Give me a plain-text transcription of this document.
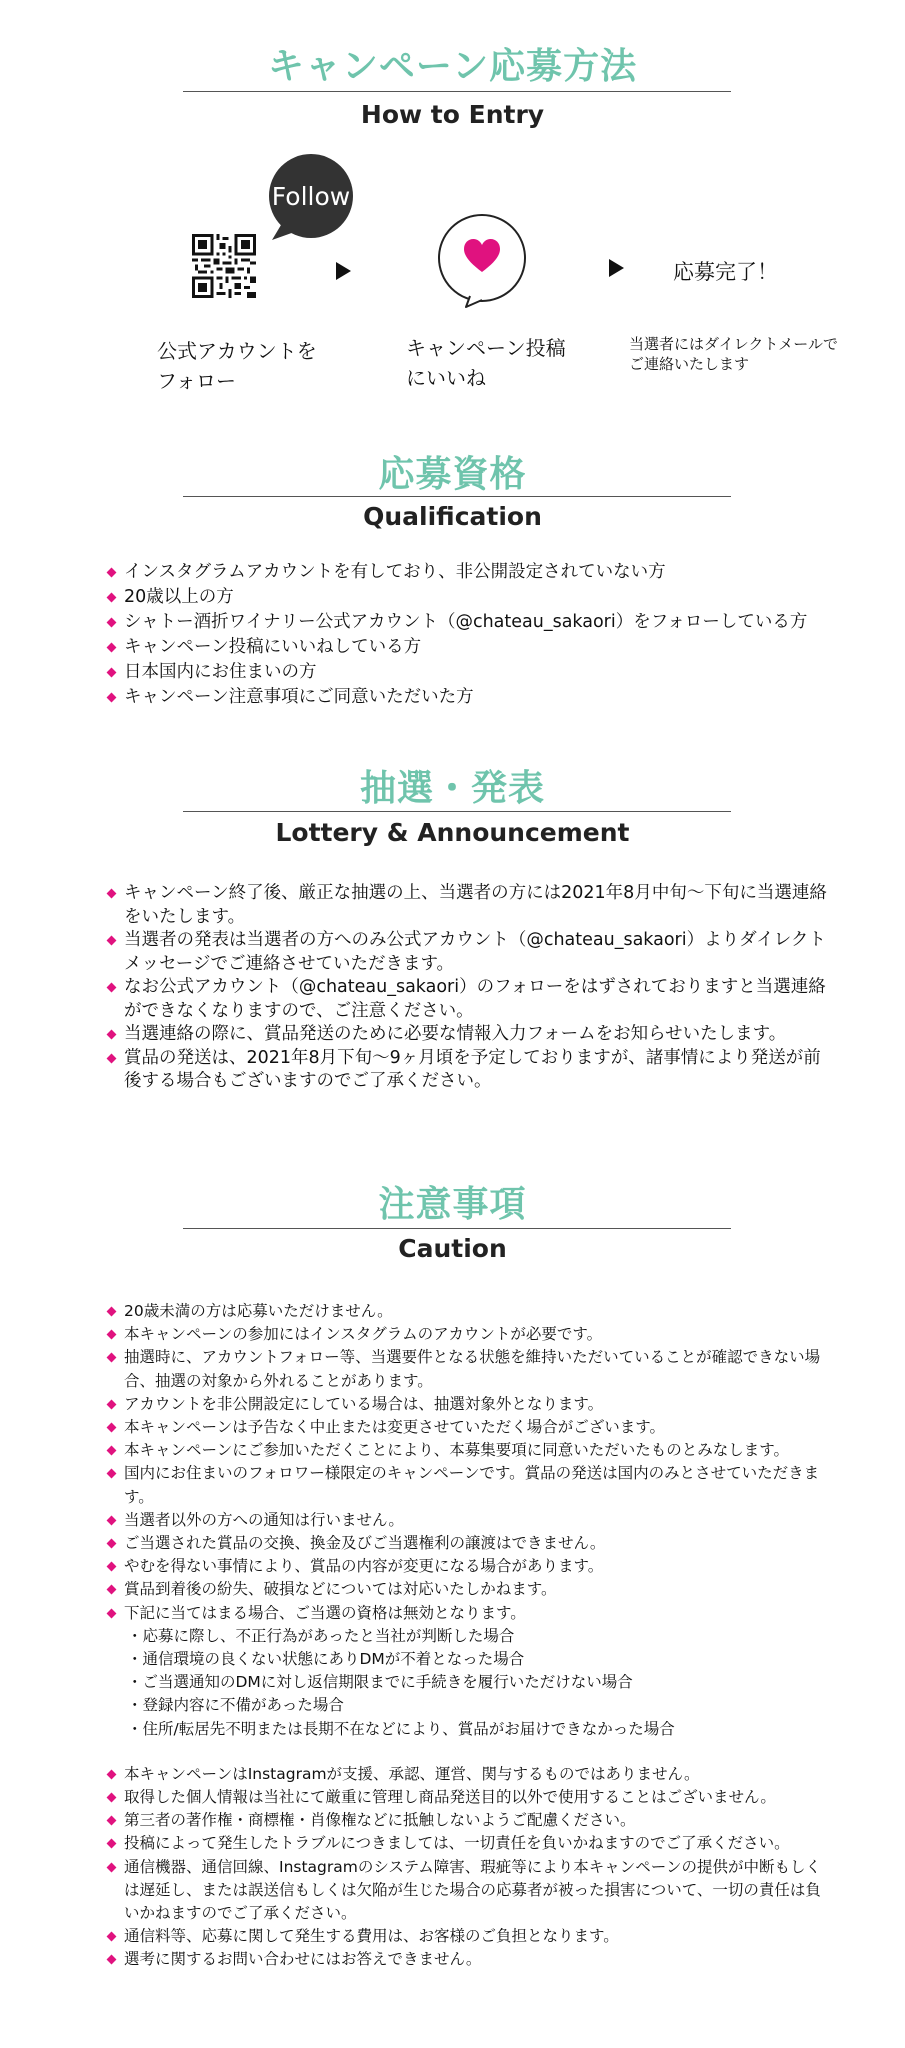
キャンペーン応募方法
How to Entry
Follow
応募完了！
公式アカウントを
フォロー
キャンペーン投稿
にいいね
当選者にはダイレクトメールで
ご連絡いたします
応募資格
Qualification
インスタグラムアカウントを有しており、非公開設定されていない方
20歳以上の方
シャトー酒折ワイナリー公式アカウント（@chateau_sakaori）をフォローしている方
キャンペーン投稿にいいねしている方
日本国内にお住まいの方
キャンペーン注意事項にご同意いただいた方
抽選・発表
Lottery & Announcement
キャンペーン終了後、厳正な抽選の上、当選者の方には2021年8月中旬～下旬に当選連絡をいたします。
当選者の発表は当選者の方へのみ公式アカウント（@chateau_sakaori）よりダイレクトメッセージでご連絡させていただきます。
なお公式アカウント（@chateau_sakaori）のフォローをはずされておりますと当選連絡ができなくなりますので、ご注意ください。
当選連絡の際に、賞品発送のために必要な情報入力フォームをお知らせいたします。
賞品の発送は、2021年8月下旬～9ヶ月頃を予定しておりますが、諸事情により発送が前後する場合もございますのでご了承ください。
注意事項
Caution
20歳未満の方は応募いただけません。
本キャンペーンの参加にはインスタグラムのアカウントが必要です。
抽選時に、アカウントフォロー等、当選要件となる状態を維持いただいていることが確認できない場合、抽選の対象から外れることがあります。
アカウントを非公開設定にしている場合は、抽選対象外となります。
本キャンペーンは予告なく中止または変更させていただく場合がございます。
本キャンペーンにご参加いただくことにより、本募集要項に同意いただいたものとみなします。
国内にお住まいのフォロワー様限定のキャンペーンです。賞品の発送は国内のみとさせていただきます。
当選者以外の方への通知は行いません。
ご当選された賞品の交換、換金及びご当選権利の譲渡はできません。
やむを得ない事情により、賞品の内容が変更になる場合があります。
賞品到着後の紛失、破損などについては対応いたしかねます。
下記に当てはまる場合、ご当選の資格は無効となります。
・応募に際し、不正行為があったと当社が判断した場合
・通信環境の良くない状態にありDMが不着となった場合
・ご当選通知のDMに対し返信期限までに手続きを履行いただけない場合
・登録内容に不備があった場合
・住所/転居先不明または長期不在などにより、賞品がお届けできなかった場合
本キャンペーンはInstagramが支援、承認、運営、関与するものではありません。
取得した個人情報は当社にて厳重に管理し商品発送目的以外で使用することはございません。
第三者の著作権・商標権・肖像権などに抵触しないようご配慮ください。
投稿によって発生したトラブルにつきましては、一切責任を負いかねますのでご了承ください。
通信機器、通信回線、Instagramのシステム障害、瑕疵等により本キャンペーンの提供が中断もしくは遅延し、または誤送信もしくは欠陥が生じた場合の応募者が被った損害について、一切の責任は負いかねますのでご了承ください。
通信料等、応募に関して発生する費用は、お客様のご負担となります。
選考に関するお問い合わせにはお答えできません。
